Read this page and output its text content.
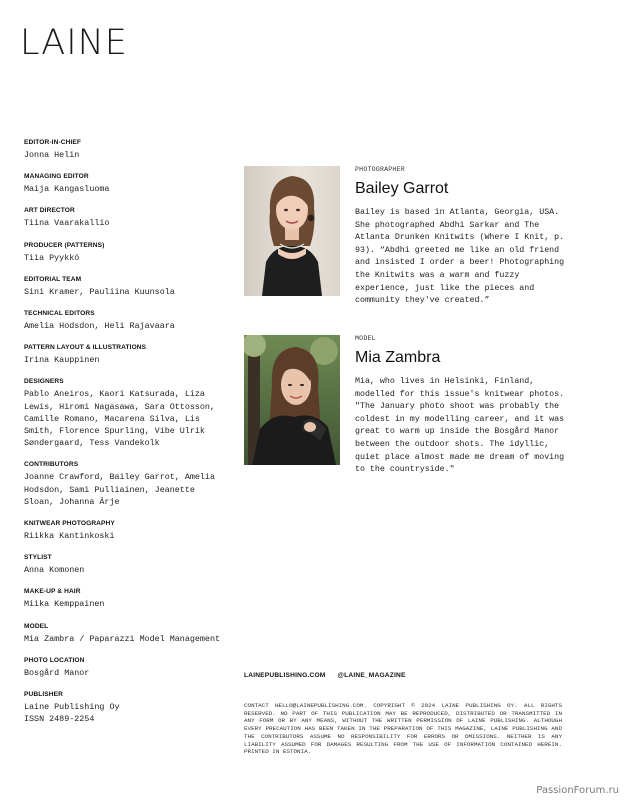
LAINE
EDITOR-IN-CHIEF
Jonna Helin
MANAGING EDITOR
Maija Kangasluoma
ART DIRECTOR
Tiina Vaarakallio
PRODUCER (PATTERNS)
Tiia Pyykkö
EDITORIAL TEAM
Sini Kramer, Pauliina Kuunsola
TECHNICAL EDITORS
Amelia Hodsdon, Heli Rajavaara
PATTERN LAYOUT & ILLUSTRATIONS
Irina Kauppinen
DESIGNERS
Pablo Aneiros, Kaori Katsurada, Liza Lewis, Hiromi Nagasawa, Sara Ottosson, Camille Romano, Macarena Silva, Lis Smith, Florence Spurling, Vibe Ulrik Søndergaard, Tess Vandekolk
CONTRIBUTORS
Joanne Crawford, Bailey Garrot, Amelia Hodsdon, Sami Pulliainen, Jeanette Sloan, Johanna Ärje
KNITWEAR PHOTOGRAPHY
Riikka Kantinkoski
STYLIST
Anna Komonen
MAKE-UP & HAIR
Miika Kemppainen
MODEL
Mia Zambra / Paparazzi Model Management
PHOTO LOCATION
Bosgård Manor
PUBLISHER
Laine Publishing Oy
ISSN 2489-2254
PHOTOGRAPHER
Bailey Garrot
Bailey is based in Atlanta, Georgia, USA. She photographed Abdhi Sarkar and The Atlanta Drunken Knitwits (Where I Knit, p. 93). “Abdhi greeted me like an old friend and insisted I order a beer! Photographing the Knitwits was a warm and fuzzy experience, just like the pieces and community they've created.”
MODEL
Mia Zambra
Mia, who lives in Helsinki, Finland, modelled for this issue's knitwear photos. "The January photo shoot was probably the coldest in my modelling career, and it was great to warm up inside the Bosgård Manor between the outdoor shots. The idyllic, quiet place almost made me dream of moving to the countryside."
LAINEPUBLISHING.COM @LAINE_MAGAZINE
CONTACT HELLO@LAINEPUBLISHING.COM. COPYRIGHT © 2024 LAINE PUBLISHING OY. ALL RIGHTS RESERVED. NO PART OF THIS PUBLICATION MAY BE REPRODUCED, DISTRIBUTED OR TRANSMITTED IN ANY FORM OR BY ANY MEANS, WITHOUT THE WRITTEN PERMISSION OF LAINE PUBLISHING. ALTHOUGH EVERY PRECAUTION HAS BEEN TAKEN IN THE PREPARATION OF THIS MAGAZINE, LAINE PUBLISHING AND THE CONTRIBUTORS ASSUME NO RESPONSIBILITY FOR ERRORS OR OMISSIONS. NEITHER IS ANY LIABILITY ASSUMED FOR DAMAGES RESULTING FROM THE USE OF INFORMATION CONTAINED HEREIN. PRINTED IN ESTONIA.
PassionForum.ru
